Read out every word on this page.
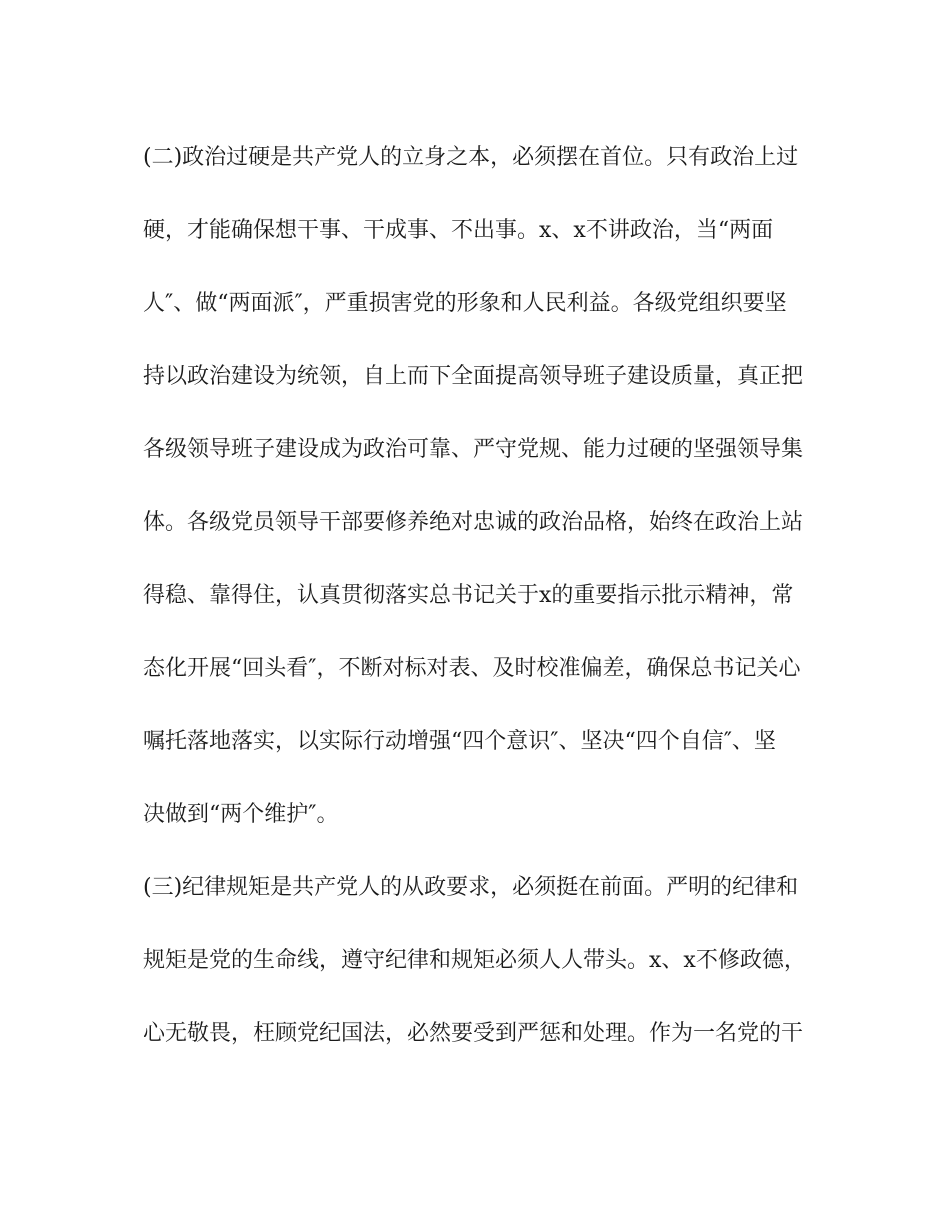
(二)政治过硬是共产党人的立身之本，必须摆在首位。只有政治上过
硬，才能确保想干事、干成事、不出事。x、x不讲政治，当“两面
人″、做“两面派″，严重损害党的形象和人民利益。各级党组织要坚
持以政治建设为统领，自上而下全面提高领导班子建设质量，真正把
各级领导班子建设成为政治可靠、严守党规、能力过硬的坚强领导集
体。各级党员领导干部要修养绝对忠诚的政治品格，始终在政治上站
得稳、靠得住，认真贯彻落实总书记关于x的重要指示批示精神，常
态化开展“回头看″，不断对标对表、及时校准偏差，确保总书记关心
嘱托落地落实，以实际行动增强“四个意识″、坚决“四个自信″、坚
决做到“两个维护″。
(三)纪律规矩是共产党人的从政要求，必须挺在前面。严明的纪律和
规矩是党的生命线，遵守纪律和规矩必须人人带头。x、x不修政德，
心无敬畏，枉顾党纪国法，必然要受到严惩和处理。作为一名党的干
